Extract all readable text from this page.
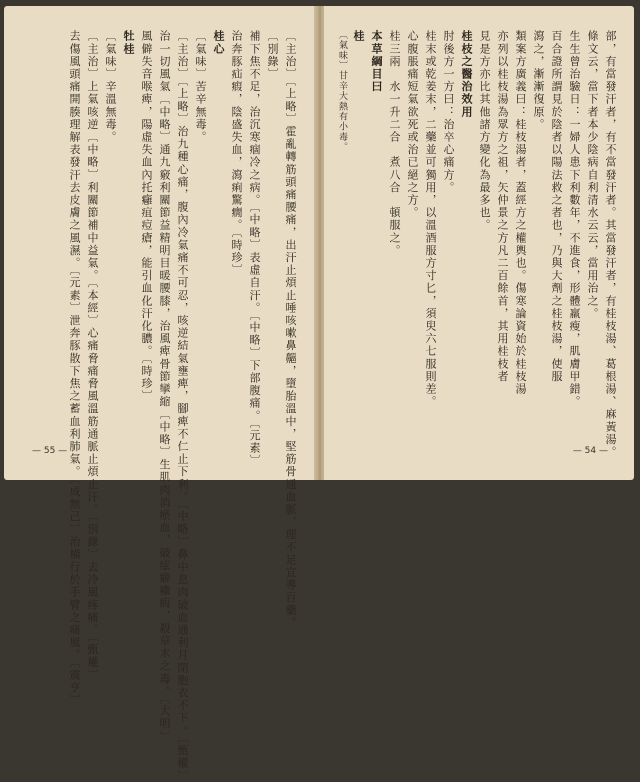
〔主治〕〔上略〕霍亂轉筋頭痛腰痛，出汗止煩止唾咳嗽鼻齆，墮胎溫中，堅筋骨通血脈，理不足宣導百藥。
〔別錄〕
補下焦不足，治沉寒痼冷之病。〔中略〕表虛自汗。〔中略〕下部腹痛。〔元素〕
治奔豚疝瘕，陰盛失血，瀉痢驚癇。〔時珍〕
桂心
〔氣味〕苦辛無毒。
〔主治〕〔上略〕治九種心痛，腹內冷氣痛不可忍，咳逆結氣壅痺，腳痺不仁止下利。〔中略〕鼻中息肉破血通利月閉胞衣不下。〔甄權〕
治一切風氣〔中略〕通九竅利關節益精明目暖腰膝，治風痺骨節攣縮〔中略〕生肌肉消瘀血，破痃癖癥瘕，殺草木之毒。〔大明〕
風僻失音喉痺，陽虛失血內托癰疽痘瘡，能引血化汗化膿。〔時珍〕
牡桂
〔氣味〕辛溫無毒。
〔主治〕上氣咳逆〔中略〕利關節補中益氣。〔本經〕心痛脅痛脅風溫筋通脈止煩止汗。〔別錄〕去冷風疼痛。〔甄權〕
去傷風頭痛開腠理解表發汗去皮膚之風濕。〔元素〕泄奔豚散下焦之蓄血利肺氣。〔成無己〕治橫行於手臂之痛風。〔震亨〕
— 55 —	部，有當發汗者，有不當發汗者。其當發汗者，有桂枝湯、葛根湯、麻黃湯。
條文云，當下者本少陰病自利清水云云，當用治之。
生生曾治驗日：一婦人患下利數年，不進食，形體羸瘦，肌膚甲錯。
百合證所謂見於陰者以陽法救之者也，乃與大劑之桂枝湯，使服
瀉之，漸漸復原。
類案方廣義曰：桂枝湯者，蓋經方之權輿也。傷寒論資始於桂枝湯
亦列以桂枝湯為眾方之祖，矢仲景之方凡二百餘首，其用桂枝者
見是方亦比其他諸方變化為最多也。
桂枝之醫治效用
肘後方一方曰：治卒心痛方。
桂末或乾姜末，二藥並可獨用，以溫酒服方寸匕，須臾六七服則差。
心腹脹痛短氣欲死或治已絕之方。
桂三兩　水一升二合　煮八合　頓服之。
本草綱目曰
桂
〔氣味〕甘辛大熱有小毒。
— 54 —
